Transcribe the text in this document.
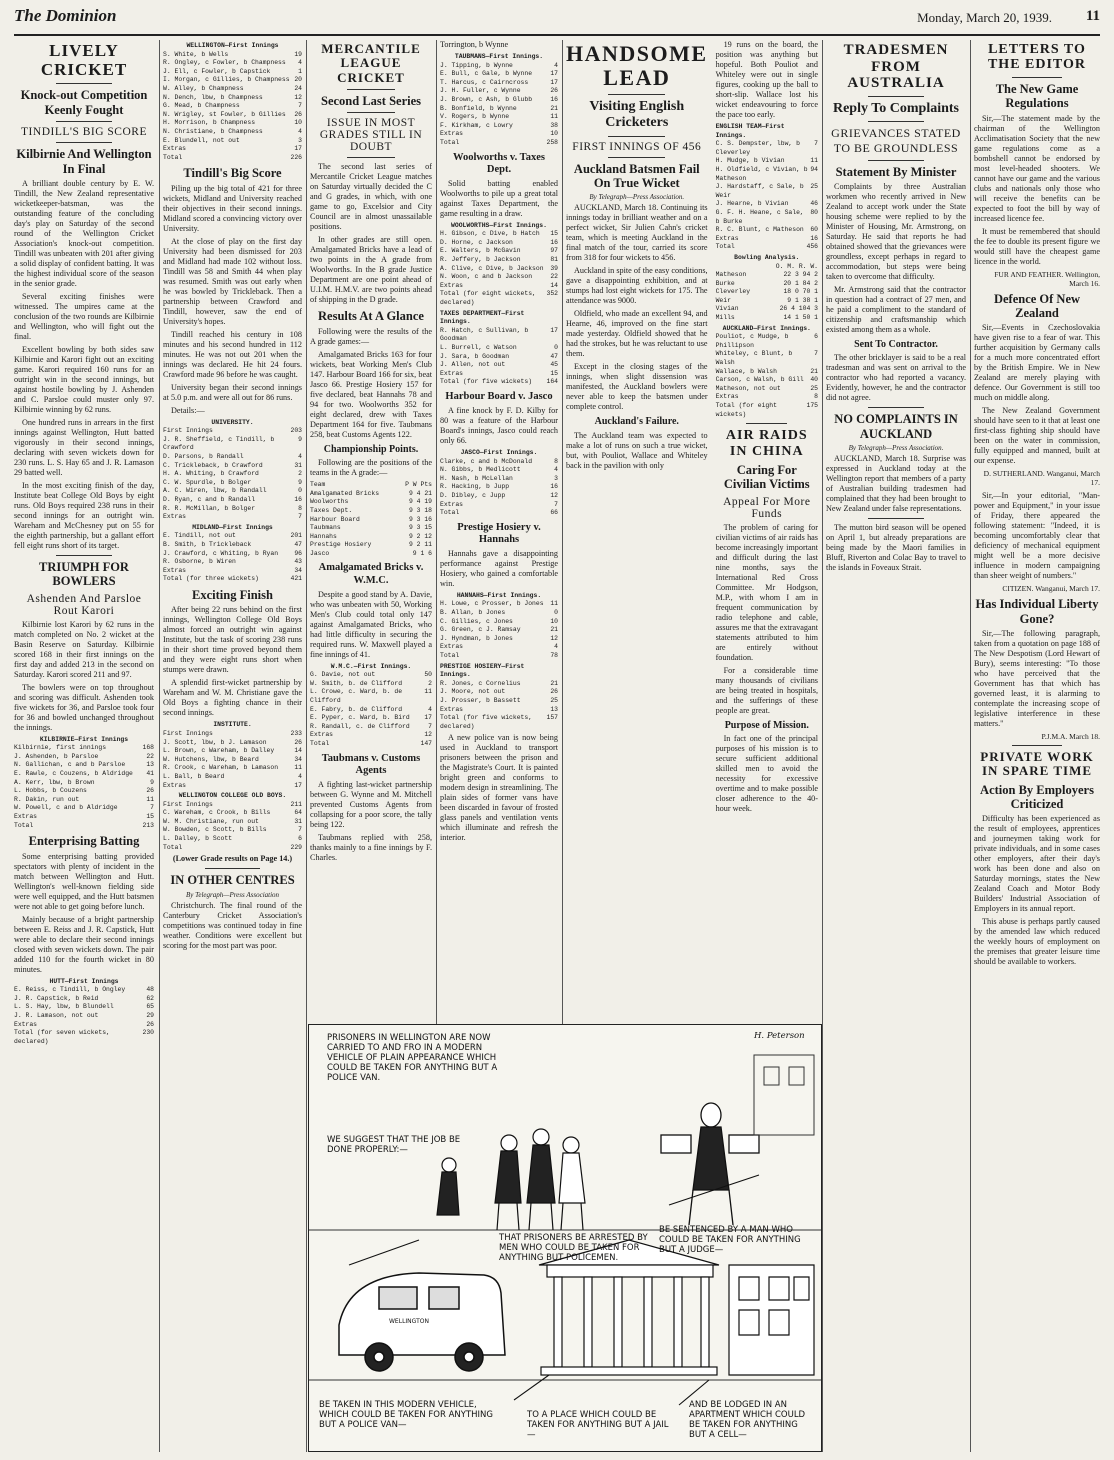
The Dominion	Monday, March 20, 1939. 11
LIVELY CRICKET
Knock-out Competition Keenly Fought
TINDILL'S BIG SCORE
Kilbirnie And Wellington In Final

A brilliant double century by E. W. Tindill, the New Zealand representative wicketkeeper-batsman, was the outstanding feature of the concluding day's play on Saturday of the second round of the Wellington Cricket Association's knock-out competition. Tindill was unbeaten with 201 after giving a solid display of confident batting. It was the highest individual score of the season in the senior grade.

Several exciting finishes were witnessed. The umpires came at the conclusion of the two rounds are Kilbirnie and Wellington, who will fight out the final.

Excellent bowling by both sides saw Kilbirnie and Karori fight out an exciting game. Karori required 160 runs for an outright win in the second innings, but against hostile bowling by J. Ashenden and C. Parsloe could muster only 97. Kilbirnie winning by 62 runs.

One hundred runs in arrears in the first innings against Wellington, Hutt batted vigorously in their second innings, declaring with seven wickets down for 230 runs. L. S. Hay 65 and J. R. Lamason 29 batted well.

In the most exciting finish of the day, Institute beat College Old Boys by eight runs. Old Boys required 238 runs in their second innings for an outright win. Wareham and McChesney put on 55 for the eighth partnership, but a gallant effort fell eight runs short of its target.

TRIUMPH FOR BOWLERS
Ashenden And Parsloe Rout Karori

Kilbirnie lost Karori by 62 runs in the match completed on No. 2 wicket at the Basin Reserve on Saturday. Kilbirnie scored 168 in their first innings on the first day and added 213 in the second on Saturday. Karori scored 211 and 97.

The bowlers were on top throughout and scoring was difficult. Ashenden took five wickets for 36, and Parsloe took four for 36 and bowled unchanged throughout the innings.

KILBIRNIE—First Innings
Kilbirnie, first innings	168
J. Ashenden, b Parsloe	22
N. Gallichan, c and b Parsloe	13
E. Rawle, c Couzens, b Aldridge 41
A. Kerr, lbw, b Brown	9
L. Hobbs, b Couzens	26
R. Dakin, run out	11
W. Powell, c and b Aldridge	7
Extras	15
Total	213
Enterprising Batting

Some enterprising batting provided spectators with plenty of incident in the match between Wellington and Hutt. Wellington's well-known fielding side were well equipped, and the Hutt batsmen were not able to get going before lunch.

Mainly because of a bright partnership between E. Reiss and J. R. Capstick, Hutt were able to declare their second innings closed with seven wickets down. The pair added 110 for the fourth wicket in 80 minutes.

HUTT—First Innings
E. Reiss, c Tindill, b Ongley	48
J. R. Capstick, b Reid	62
L. S. Hay, lbw, b Blundell	65
J. R. Lamason, not out	29
Extras	26
Total (for seven wickets, declared)
230
WELLINGTON—First Innings
S. White, b Wells	19
R. Ongley, c Fowler, b Champness 4
J. Ell, c Fowler, b Capstick	1
I. Morgan, c Gillies, b Champness 20
W. Alley, b Champness	24
N. Dench, lbw, b Champness	12
G. Mead, b Champness	7
N. Wrigley, st Fowler, b Gillies 26
H. Morrison, b Champness	10
N. Christiane, b Champness	4
E. Blundell, not out	3
Extras	17
Total	226
Tindill's Big Score

Piling up the big total of 421 for three wickets, Midland and University reached their objectives in their second innings. Midland scored a convincing victory over University.

At the close of play on the first day University had been dismissed for 203 and Midland had made 102 without loss. Tindill was 58 and Smith 44 when play was resumed. Smith was out early when he was bowled by Trickleback. Then a partnership between Crawford and Tindill, however, saw the end of University's hopes.

Tindill reached his century in 108 minutes and his second hundred in 112 minutes. He was not out 201 when the innings was declared. He hit 24 fours. Crawford made 96 before he was caught.

University began their second innings at 5.0 p.m. and were all out for 86 runs.

Details:—

UNIVERSITY.
First Innings	203
J. R. Sheffield, c Tindill, b Crawford
9
D. Parsons, b Randall	4
C. Trickleback, b Crawford	31
H. A. Whiting, b Crawford	2
C. W. Spurdle, b Bolger	9
A. C. Wiren, lbw, b Randall	0
D. Ryan, c and b Randall	16
R. R. McMillan, b Bolger	8
Extras	7
MIDLAND—First Innings
E. Tindill, not out	201
B. Smith, b Trickleback	47
J. Crawford, c Whiting, b Ryan	96
R. Osborne, b Wiren	43
Extras	34
Total (for three wickets)	421
Exciting Finish

After being 22 runs behind on the first innings, Wellington College Old Boys almost forced an outright win against Institute, but the task of scoring 238 runs in their short time proved beyond them and they were eight runs short when stumps were drawn.

A splendid first-wicket partnership by Wareham and W. M. Christiane gave the Old Boys a fighting chance in their second innings.

INSTITUTE.
First Innings	233
J. Scott, lbw, b J. Lamason	26
L. Brown, c Wareham, b Dalley	14
W. Hutchens, lbw, b Beard	34
R. Crook, c Wareham, b Lamason	11
L. Ball, b Beard	4
Extras	17
WELLINGTON COLLEGE OLD BOYS.
First Innings	211
C. Wareham, c Crook, b Bills	64
W. M. Christiane, run out	31
W. Bowden, c Scott, b Bills	7
L. Dalley, b Scott	6
Total	229

(Lower Grade results on Page 14.)

IN OTHER CENTRES
By Telegraph—Press Association

Christchurch. The final round of the Canterbury Cricket Association's competitions was continued today in fine weather. Conditions were excellent but scoring for the most part was poor.

MERCANTILE LEAGUE CRICKET
Second Last Series
ISSUE IN MOST GRADES STILL IN DOUBT

The second last series of Mercantile Cricket League matches on Saturday virtually decided the C and G grades, in which, with one game to go, Excelsior and City Council are in almost unassailable positions.

In other grades are still open. Amalgamated Bricks have a lead of two points in the A grade from Woolworths. In the B grade Justice Department are one point ahead of U.I.M. H.M.V. are two points ahead of shipping in the D grade.

Results At A Glance

Following were the results of the A grade games:—

Amalgamated Bricks 163 for four wickets, beat Working Men's Club 147. Harbour Board 166 for six, beat Jasco 66. Prestige Hosiery 157 for five declared, beat Hannahs 78 and 94 for two. Woolworths 352 for eight declared, drew with Taxes Department 164 for five. Taubmans 258, beat Customs Agents 122.

Championship Points.

Following are the positions of the teams in the A grade:—

Team	P W Pts
Amalgamated Bricks	9 4 21
Woolworths	9 4 19
Taxes Dept.	9 3 18
Harbour Board	9 3 16
Taubmans	9 3 15
Hannahs	9 2 12
Prestige Hosiery	9 2 11
Jasco	9 1 6
Amalgamated Bricks v. W.M.C.

Despite a good stand by A. Davie, who was unbeaten with 50, Working Men's Club could total only 147 against Amalgamated Bricks, who had little difficulty in securing the required runs. W. Maxwell played a fine innings of 41.

W.M.C.—First Innings.
G. Davie, not out	50
W. Smith, b. de Clifford	2
L. Crowe, c. Ward, b. de Clifford
11
E. Fabry, b. de Clifford	4
E. Pyper, c. Ward, b. Bird 17
R. Randall, c. de Clifford	7
Extras	12
Total	147
Taubmans v. Customs Agents

A fighting last-wicket partnership between G. Wynne and M. Mitchell prevented Customs Agents from collapsing for a poor score, the tally being 122.

Taubmans replied with 258, thanks mainly to a fine innings by F. Charles.

Torrington, b Wynne

TAUBMANS—First Innings.
J. Tipping, b Wynne	4
E. Bull, c Gale, b Wynne	17
T. Harcus, c Cairncross	17
J. H. Fuller, c Wynne	26
J. Brown, c Ash, b Glubb	16
B. Bonfield, b Wynne	21
V. Rogers, b Wynne	11
F. Kirkham, c Lowry	38
Extras	10
Total	258
Woolworths v. Taxes Dept.

Solid batting enabled Woolworths to pile up a great total against Taxes Department, the game resulting in a draw.

WOOLWORTHS—First Innings.
H. Gibson, c Dive, b Hatch 15
D. Horne, c Jackson	16
E. Walters, b McGavin	97
R. Jeffery, b Jackson	81
A. Clive, c Dive, b Jackson 39
N. Woon, c and b Jackson	22
Extras	14
Total (for eight wickets, declared)
352
TAXES DEPARTMENT—First Innings.
R. Hatch, c Sullivan, b Goodman
17
L. Burrell, c Watson	0
J. Sara, b Goodman	47
J. Allen, not out	45
Extras	15
Total (for five wickets) 164
Harbour Board v. Jasco

A fine knock by F. D. Kilby for 80 was a feature of the Harbour Board's innings, Jasco could reach only 66.

JASCO—First Innings.
Clarke, c and b McDonald	8
N. Gibbs, b Medlicott	4
H. Nash, b McLellan	3
R. Hacking, b Jupp	16
D. Dibley, c Jupp	12
Extras	7
Total	66
Prestige Hosiery v. Hannahs

Hannahs gave a disappointing performance against Prestige Hosiery, who gained a comfortable win.

HANNAHS—First Innings.
H. Lowe, c Prosser, b Jones 11
B. Allan, b Jones	0
C. Gillies, c Jones	10
G. Green, c J. Ramsay	21
J. Hyndman, b Jones	12
Extras	4
Total	78
PRESTIGE HOSIERY—First Innings.
R. Jones, c Cornelius	21
J. Moore, not out	26
J. Prosser, b Bassett	25
Extras	13
Total (for five wickets, declared)
157

A new police van is now being used in Auckland to transport prisoners between the prison and the Magistrate's Court. It is painted bright green and conforms to modern design in streamlining. The plain sides of former vans have been discarded in favour of frosted glass panels and ventilation vents which illuminate and refresh the interior.

HANDSOME LEAD
Visiting English Cricketers
FIRST INNINGS OF 456
Auckland Batsmen Fail On True Wicket
By Telegraph—Press Association.

AUCKLAND, March 18. Continuing its innings today in brilliant weather and on a perfect wicket, Sir Julien Cahn's cricket team, which is meeting Auckland in the final match of the tour, carried its score from 318 for four wickets to 456.

Auckland in spite of the easy conditions, gave a disappointing exhibition, and at stumps had lost eight wickets for 175. The attendance was 9000.

Oldfield, who made an excellent 94, and Hearne, 46, improved on the fine start made yesterday. Oldfield showed that he had the strokes, but he was reluctant to use them.

Except in the closing stages of the innings, when slight dissension was manifested, the Auckland bowlers were never able to keep the batsmen under complete control.

Auckland's Failure.

The Auckland team was expected to make a lot of runs on such a true wicket, but, with Pouliot, Wallace and Whiteley back in the pavilion with only

19 runs on the board, the position was anything but hopeful. Both Pouliot and Whiteley were out in single figures, cooking up the ball to short-slip. Wallace lost his wicket endeavouring to force the pace too early.

ENGLISH TEAM—First Innings.
C. S. Dempster, lbw, b Cleverley
7
H. Mudge, b Vivian	11
H. Oldfield, c Vivian, b Matheson
94
J. Hardstaff, c Sale, b Weir
25
J. Hearne, b Vivian	46
G. F. H. Heane, c Sale, b Burke
80
R. C. Blunt, c Matheson 60
Extras	16
Total	456
Bowling Analysis.
O. M. R. W.
Matheson	22 3 94 2
Burke	20 1 84 2
Cleverley	18 0 70 1
Weir	9 1 38 1
Vivian	26 4 104 3
Mills	14 1 50 1
AUCKLAND—First Innings.
Pouliot, c Mudge, b Phillipson
6
Whiteley, c Blunt, b Walsh
7
Wallace, b Walsh	21
Carson, c Walsh, b Gill 40
Matheson, not out	25
Extras	8
Total (for eight wickets)
175
AIR RAIDS IN CHINA
Caring For Civilian Victims
Appeal For More Funds

The problem of caring for civilian victims of air raids has become increasingly important and difficult during the last nine months, says the International Red Cross Committee. Mr Hodgson, M.P., with whom I am in frequent communication by radio telephone and cable, assures me that the extravagant statements attributed to him are entirely without foundation.

For a considerable time many thousands of civilians are being treated in hospitals, and the sufferings of these people are great.

Purpose of Mission.

In fact one of the principal purposes of his mission is to secure sufficient additional skilled men to avoid the necessity for excessive overtime and to make possible closer adherence to the 40-hour week.

TRADESMEN FROM AUSTRALIA
Reply To Complaints
GRIEVANCES STATED TO BE GROUNDLESS
Statement By Minister

Complaints by three Australian workmen who recently arrived in New Zealand to accept work under the State housing scheme were replied to by the Minister of Housing, Mr. Armstrong, on Saturday. He said that reports he had obtained showed that the grievances were groundless, except perhaps in regard to accommodation, but steps were being taken to overcome that difficulty.

Mr. Armstrong said that the contractor in question had a contract of 27 men, and he paid a compliment to the standard of citizenship and craftsmanship which existed among them as a whole.

Sent To Contractor.

The other bricklayer is said to be a real tradesman and was sent on arrival to the contractor who had reported a vacancy. Evidently, however, he and the contractor did not agree.

NO COMPLAINTS IN AUCKLAND
By Telegraph—Press Association.

AUCKLAND, March 18. Surprise was expressed in Auckland today at the Wellington report that members of a party of Australian building tradesmen had complained that they had been brought to New Zealand under false representations.

The mutton bird season will be opened on April 1, but already preparations are being made by the Maori families in Bluff, Riverton and Colac Bay to travel to the islands in Foveaux Strait.

LETTERS TO THE EDITOR
The New Game Regulations

Sir,—The statement made by the chairman of the Wellington Acclimatisation Society that the new game regulations come as a bombshell cannot be endorsed by most level-headed shooters. We cannot have our game and the various clubs and nationals only those who will receive the benefits can be expected to foot the bill by way of increased licence fee.

It must be remembered that should the fee to double its present figure we would still have the cheapest game licence in the world.

FUR AND FEATHER. Wellington, March 16.
Defence Of New Zealand

Sir,—Events in Czechoslovakia have given rise to a fear of war. This further acquisition by Germany calls for a much more concentrated effort by the British Empire. We in New Zealand are merely playing with defence. Our Government is still too much on middle along.

The New Zealand Government should have seen to it that at least one first-class fighting ship should have been on the water in commission, fully equipped and manned, built at our expense.

D. SUTHERLAND. Wanganui, March 17.

Sir,—In your editorial, "Man-power and Equipment," in your issue of Friday, there appeared the following statement: "Indeed, it is becoming uncomfortably clear that deficiency of mechanical equipment might well be a more decisive influence in modern campaigning than sheer weight of numbers."

CITIZEN. Wanganui, March 17.
Has Individual Liberty Gone?

Sir,—The following paragraph, taken from a quotation on page 188 of The New Despotism (Lord Hewart of Bury), seems interesting: "To those who have perceived that the Government has that which has governed least, it is alarming to contemplate the increasing scope of legislative interference in these matters."

P.J.M.A. March 18.
PRIVATE WORK IN SPARE TIME
Action By Employers Criticized

Difficulty has been experienced as the result of employees, apprentices and journeymen taking work for private individuals, and in some cases other employers, after their day's work has been done and also on Saturday mornings, states the New Zealand Coach and Motor Body Builders' Industrial Association of Employers in its annual report.

This abuse is perhaps partly caused by the amended law which reduced the weekly hours of employment on the premises that greater leisure time should be available to workers.

PRISONERS IN WELLINGTON ARE NOW CARRIED TO AND FRO IN A MODERN VEHICLE OF PLAIN APPEARANCE WHICH COULD BE TAKEN FOR ANYTHING BUT A POLICE VAN.
WE SUGGEST THAT THE JOB BE DONE PROPERLY:—
THAT PRISONERS BE ARRESTED BY MEN WHO COULD BE TAKEN FOR ANYTHING BUT POLICEMEN.
BE SENTENCED BY A MAN WHO COULD BE TAKEN FOR ANYTHING BUT A JUDGE—
BE TAKEN IN THIS MODERN VEHICLE, WHICH COULD BE TAKEN FOR ANYTHING BUT A POLICE VAN—
TO A PLACE WHICH COULD BE TAKEN FOR ANYTHING BUT A JAIL—
AND BE LODGED IN AN APARTMENT WHICH COULD BE TAKEN FOR ANYTHING BUT A CELL—
H. Peterson
WELLINGTON
